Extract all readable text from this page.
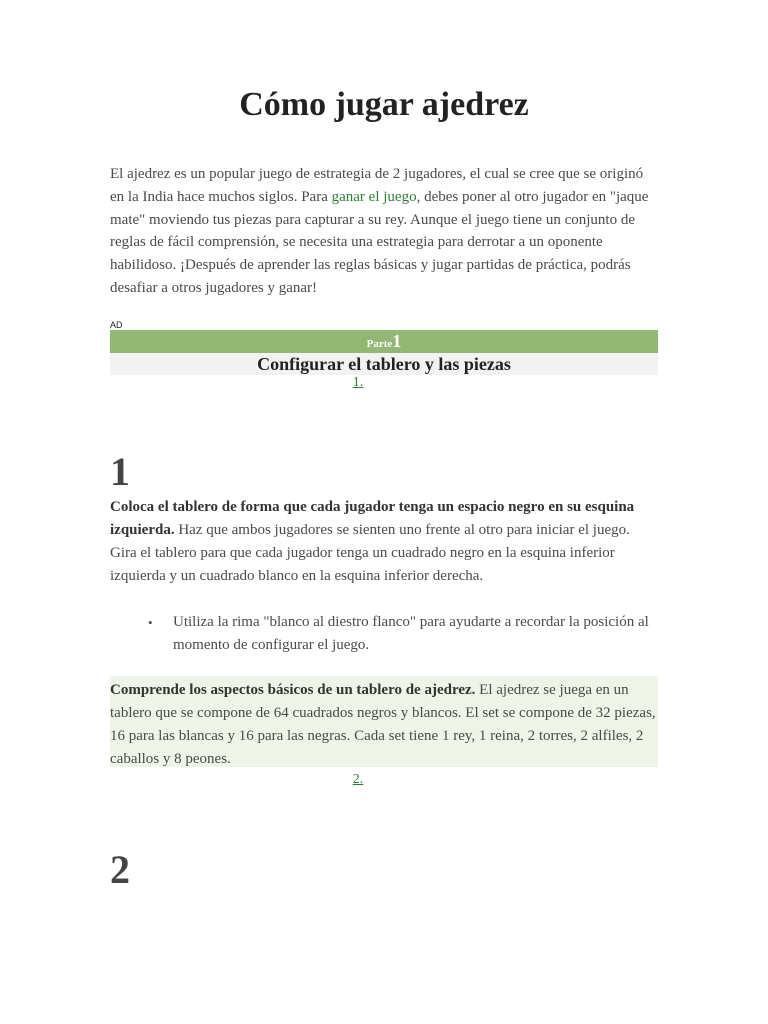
Cómo jugar ajedrez

El ajedrez es un popular juego de estrategia de 2 jugadores, el cual se cree que se originó en la India hace muchos siglos. Para ganar el juego, debes poner al otro jugador en "jaque mate" moviendo tus piezas para capturar a su rey. Aunque el juego tiene un conjunto de reglas de fácil comprensión, se necesita una estrategia para derrotar a un oponente habilidoso. ¡Después de aprender las reglas básicas y jugar partidas de práctica, podrás desafiar a otros jugadores y ganar!

AD
Parte1
Configurar el tablero y las piezas
1.
1

Coloca el tablero de forma que cada jugador tenga un espacio negro en su esquina izquierda. Haz que ambos jugadores se sienten uno frente al otro para iniciar el juego. Gira el tablero para que cada jugador tenga un cuadrado negro en la esquina inferior izquierda y un cuadrado blanco en la esquina inferior derecha.

•	Utiliza la rima "blanco al diestro flanco" para ayudarte a recordar la posición al momento de configurar el juego.

Comprende los aspectos básicos de un tablero de ajedrez. El ajedrez se juega en un tablero que se compone de 64 cuadrados negros y blancos. El set se compone de 32 piezas, 16 para las blancas y 16 para las negras. Cada set tiene 1 rey, 1 reina, 2 torres, 2 alfiles, 2 caballos y 8 peones.

2.
2
